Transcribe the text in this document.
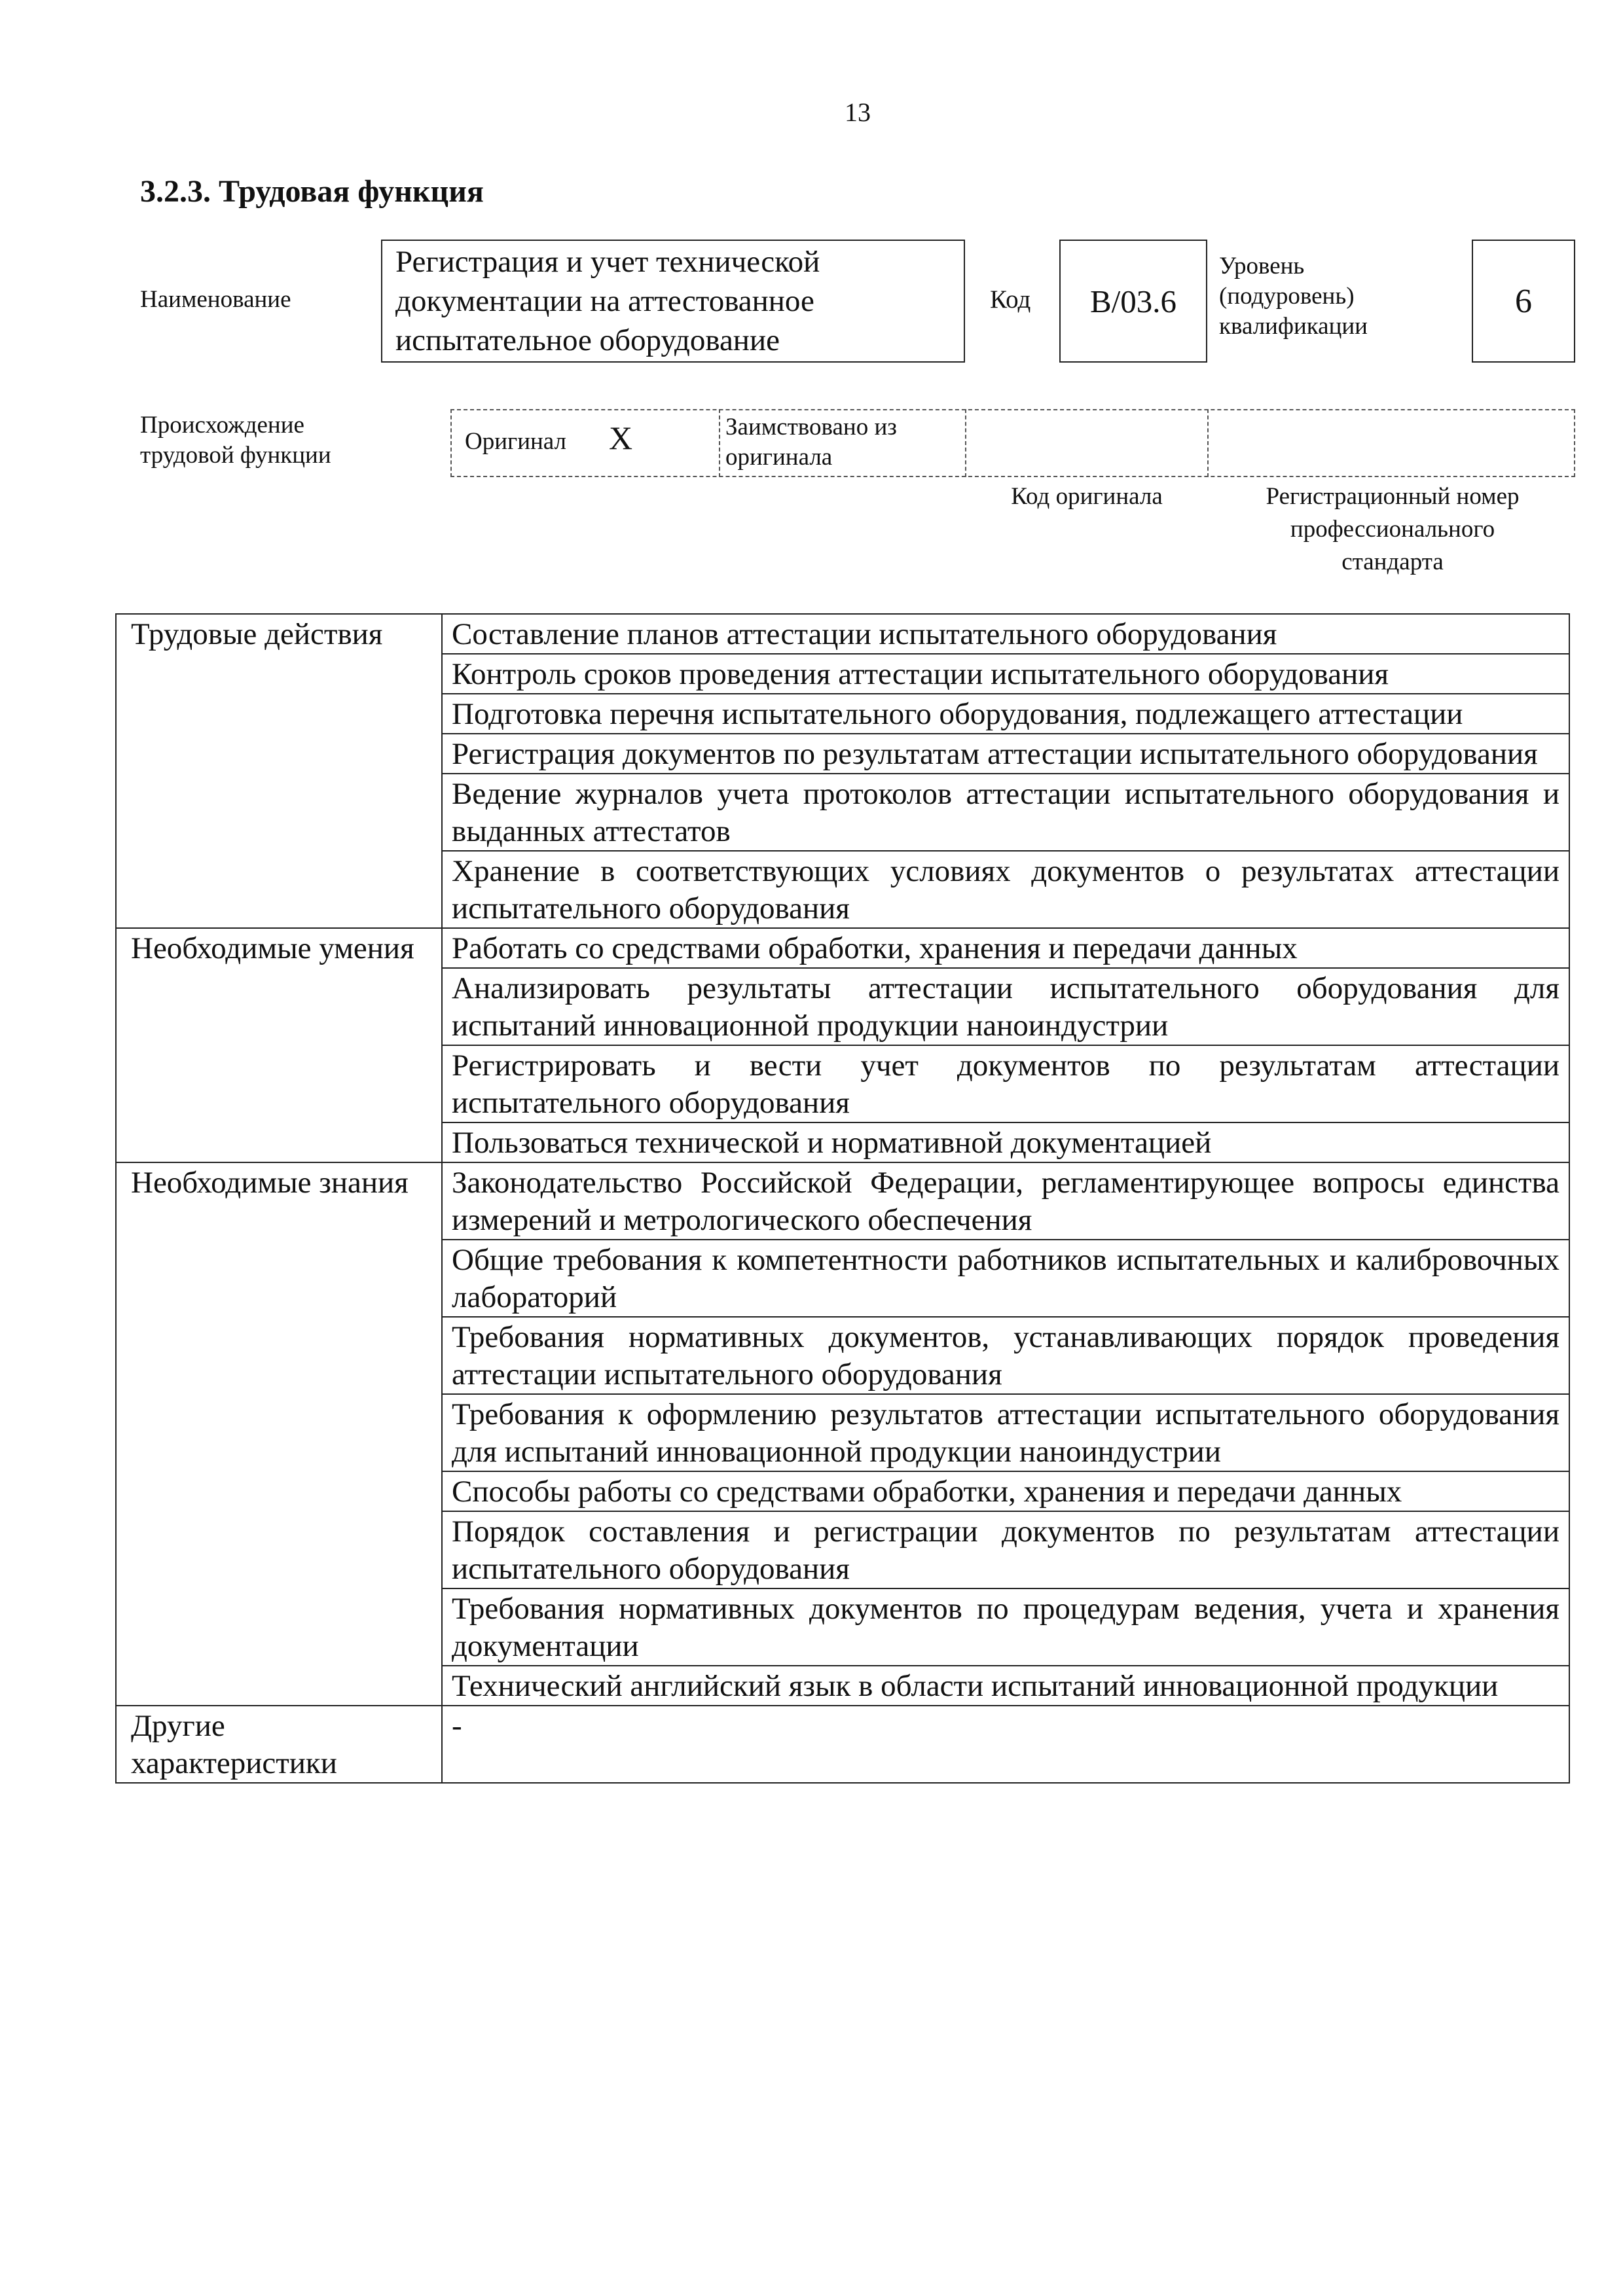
13
3.2.3. Трудовая функция
Наименование
Регистрация и учет технической
документации на аттестованное
испытательное оборудование
Код B/03.6
Уровень
(подуровень)
квалификации
6
Происхождение
трудовой функции
Оригинал X	Заимствовано из
оригинала
Код оригинала	Регистрационный номер
профессионального
стандарта
Трудовые действия	Составление планов аттестации испытательного оборудования
	Контроль сроков проведения аттестации испытательного оборудования
	Подготовка перечня испытательного оборудования, подлежащего аттестации
	Регистрация документов по результатам аттестации испытательного оборудования
	Ведение журналов учета протоколов аттестации испытательного оборудования и выданных аттестатов
	Хранение в соответствующих условиях документов о результатах аттестации испытательного оборудования
Необходимые умения	Работать со средствами обработки, хранения и передачи данных
	Анализировать результаты аттестации испытательного оборудования для испытаний инновационной продукции наноиндустрии
	Регистрировать и вести учет документов по результатам аттестации испытательного оборудования
	Пользоваться технической и нормативной документацией
Необходимые знания	Законодательство Российской Федерации, регламентирующее вопросы единства измерений и метрологического обеспечения
	Общие требования к компетентности работников испытательных и калибровочных лабораторий
	Требования нормативных документов, устанавливающих порядок проведения аттестации испытательного оборудования
	Требования к оформлению результатов аттестации испытательного оборудования для испытаний инновационной продукции наноиндустрии
	Способы работы со средствами обработки, хранения и передачи данных
	Порядок составления и регистрации документов по результатам аттестации испытательного оборудования
	Требования нормативных документов по процедурам ведения, учета и хранения документации
	Технический английский язык в области испытаний инновационной продукции
Другие характеристики	-
